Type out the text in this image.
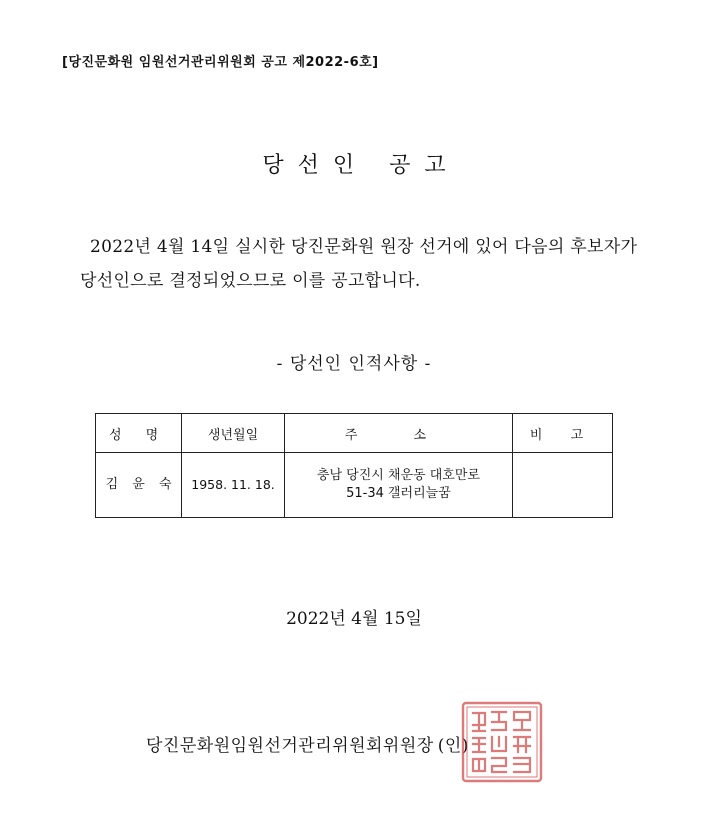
[당진문화원 임원선거관리위원회 공고 제2022-6호]
당선인 공고
2022년 4월 14일 실시한 당진문화원 원장 선거에 있어 다음의 후보자가 당선인으로 결정되었으므로 이를 공고합니다.
- 당선인 인적사항 -
성 명	생년월일	주 소	비 고
김 윤 숙	1958. 11. 18.	충남 당진시 채운동 대호만로
51-34 갤러리늘꿈	

2022년 4월 15일
당진문화원임원선거관리위원회위원장 (인)
